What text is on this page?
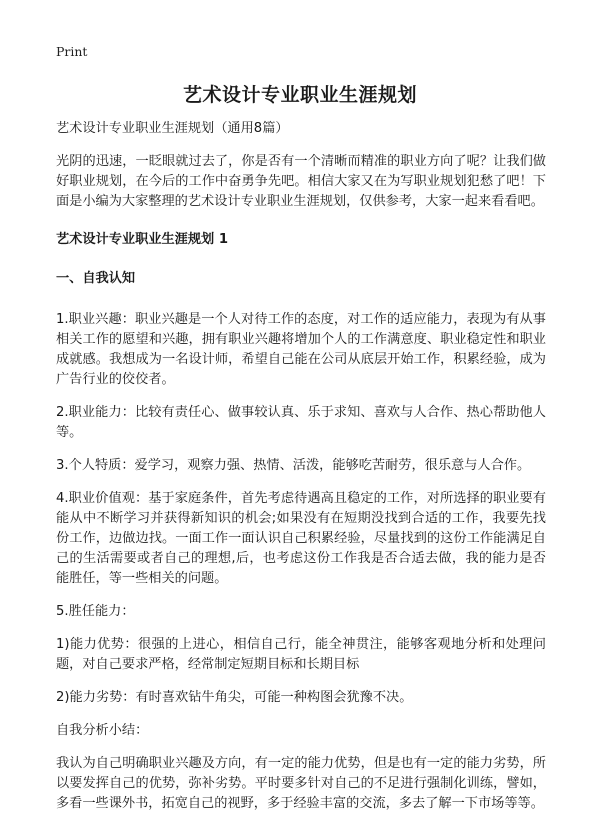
Print
艺术设计专业职业生涯规划

艺术设计专业职业生涯规划（通用8篇）

光阴的迅速，一眨眼就过去了，你是否有一个清晰而精准的职业方向了呢？让我们做好职业规划，在今后的工作中奋勇争先吧。相信大家又在为写职业规划犯愁了吧！下面是小编为大家整理的艺术设计专业职业生涯规划，仅供参考，大家一起来看看吧。

艺术设计专业职业生涯规划 1

一、自我认知

1.职业兴趣：职业兴趣是一个人对待工作的态度，对工作的适应能力，表现为有从事相关工作的愿望和兴趣，拥有职业兴趣将增加个人的工作满意度、职业稳定性和职业成就感。我想成为一名设计师，希望自己能在公司从底层开始工作，积累经验，成为广告行业的佼佼者。

2.职业能力：比较有责任心、做事较认真、乐于求知、喜欢与人合作、热心帮助他人等。

3.个人特质：爱学习，观察力强、热情、活泼，能够吃苦耐劳，很乐意与人合作。

4.职业价值观：基于家庭条件，首先考虑待遇高且稳定的工作，对所选择的职业要有能从中不断学习并获得新知识的机会;如果没有在短期没找到合适的工作，我要先找份工作，边做边找。一面工作一面认识自己积累经验，尽量找到的这份工作能满足自己的生活需要或者自己的理想,后，也考虑这份工作我是否合适去做，我的能力是否能胜任，等一些相关的问题。

5.胜任能力：

1)能力优势：很强的上进心，相信自己行，能全神贯注，能够客观地分析和处理问题，对自己要求严格，经常制定短期目标和长期目标

2)能力劣势：有时喜欢钻牛角尖，可能一种构图会犹豫不决。

自我分析小结：

我认为自己明确职业兴趣及方向，有一定的能力优势，但是也有一定的能力劣势，所以要发挥自己的优势，弥补劣势。平时要多针对自己的不足进行强制化训练，譬如，多看一些课外书，拓宽自己的视野，多于经验丰富的交流，多去了解一下市场等等。
